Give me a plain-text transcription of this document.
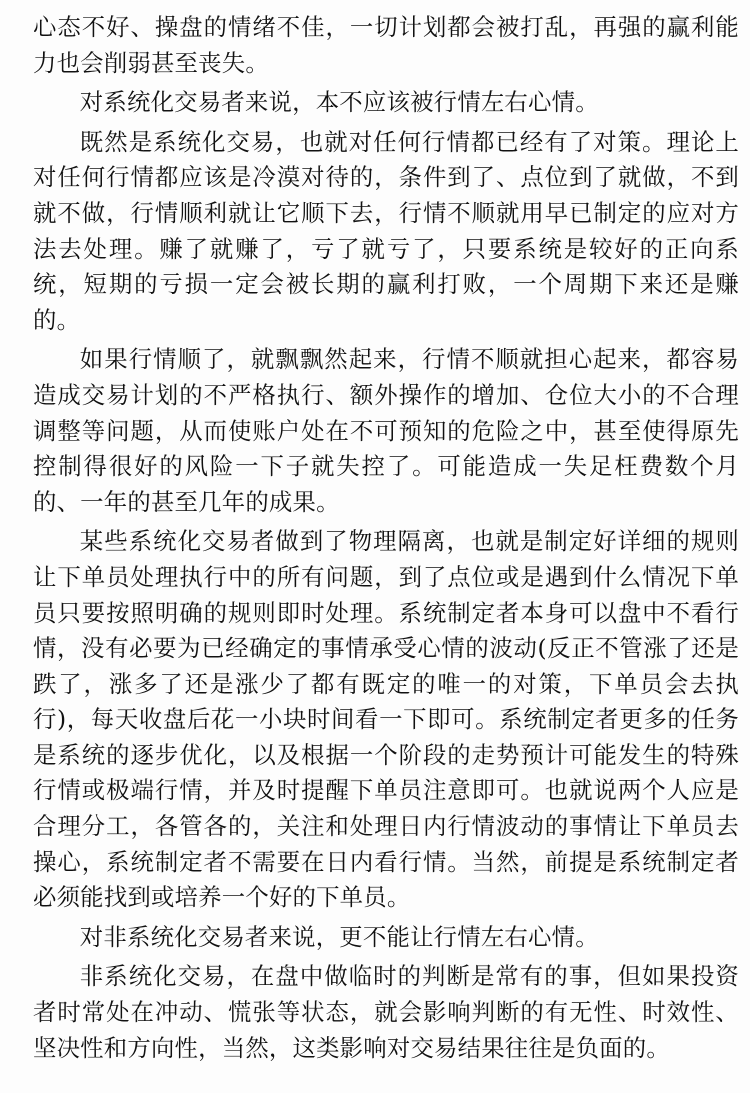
心态不好、操盘的情绪不佳，一切计划都会被打乱，再强的赢利能力也会削弱甚至丧失。

对系统化交易者来说，本不应该被行情左右心情。

既然是系统化交易，也就对任何行情都已经有了对策。理论上对任何行情都应该是冷漠对待的，条件到了、点位到了就做，不到就不做，行情顺利就让它顺下去，行情不顺就用早已制定的应对方法去处理。赚了就赚了，亏了就亏了，只要系统是较好的正向系统，短期的亏损一定会被长期的赢利打败，一个周期下来还是赚的。

如果行情顺了，就飘飘然起来，行情不顺就担心起来，都容易造成交易计划的不严格执行、额外操作的增加、仓位大小的不合理调整等问题，从而使账户处在不可预知的危险之中，甚至使得原先控制得很好的风险一下子就失控了。可能造成一失足枉费数个月的、一年的甚至几年的成果。

某些系统化交易者做到了物理隔离，也就是制定好详细的规则让下单员处理执行中的所有问题，到了点位或是遇到什么情况下单员只要按照明确的规则即时处理。系统制定者本身可以盘中不看行情，没有必要为已经确定的事情承受心情的波动(反正不管涨了还是跌了，涨多了还是涨少了都有既定的唯一的对策，下单员会去执行)，每天收盘后花一小块时间看一下即可。系统制定者更多的任务是系统的逐步优化，以及根据一个阶段的走势预计可能发生的特殊行情或极端行情，并及时提醒下单员注意即可。也就说两个人应是合理分工，各管各的，关注和处理日内行情波动的事情让下单员去操心，系统制定者不需要在日内看行情。当然，前提是系统制定者必须能找到或培养一个好的下单员。

对非系统化交易者来说，更不能让行情左右心情。

非系统化交易，在盘中做临时的判断是常有的事，但如果投资者时常处在冲动、慌张等状态，就会影响判断的有无性、时效性、坚决性和方向性，当然，这类影响对交易结果往往是负面的。
